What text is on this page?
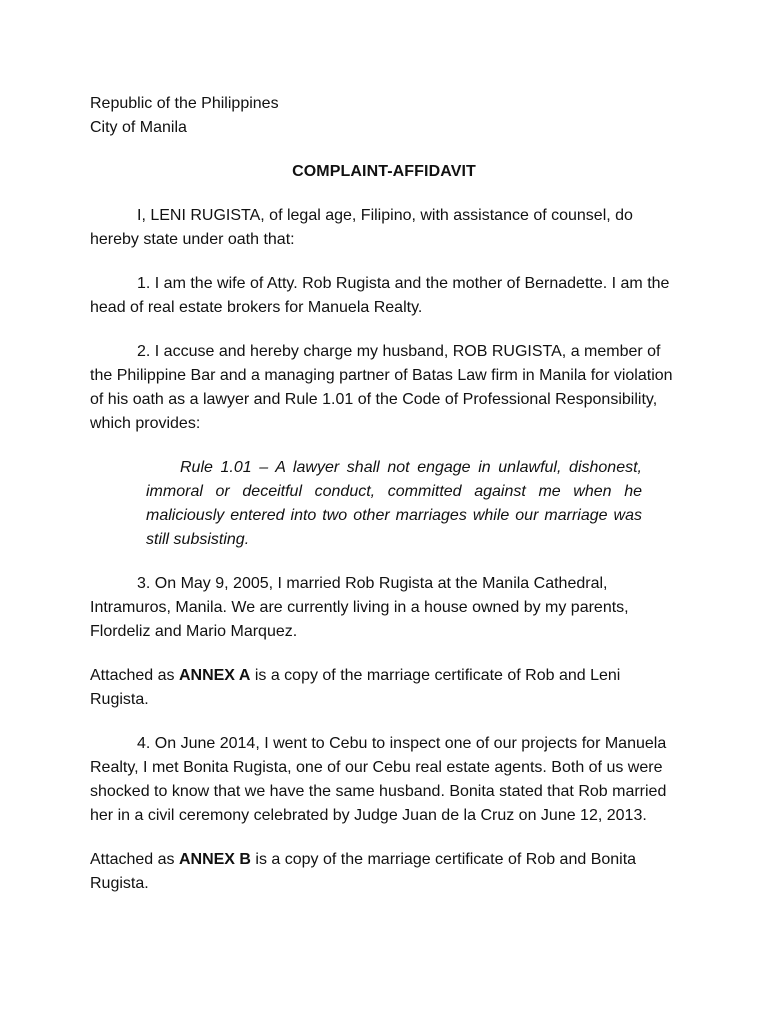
Republic of the Philippines

City of Manila

COMPLAINT-AFFIDAVIT

I, LENI RUGISTA, of legal age, Filipino, with assistance of counsel, do hereby state under oath that:

1. I am the wife of Atty. Rob Rugista and the mother of Bernadette. I am the head of real estate brokers for Manuela Realty.

2. I accuse and hereby charge my husband, ROB RUGISTA, a member of the Philippine Bar and a managing partner of Batas Law firm in Manila for violation of his oath as a lawyer and Rule 1.01 of the Code of Professional Responsibility, which provides:

Rule 1.01 – A lawyer shall not engage in unlawful, dishonest, immoral or deceitful conduct, committed against me when he maliciously entered into two other marriages while our marriage was still subsisting.

3. On May 9, 2005, I married Rob Rugista at the Manila Cathedral, Intramuros, Manila. We are currently living in a house owned by my parents, Flordeliz and Mario Marquez.

Attached as ANNEX A is a copy of the marriage certificate of Rob and Leni Rugista.

4. On June 2014, I went to Cebu to inspect one of our projects for Manuela Realty, I met Bonita Rugista, one of our Cebu real estate agents. Both of us were shocked to know that we have the same husband. Bonita stated that Rob married her in a civil ceremony celebrated by Judge Juan de la Cruz on June 12, 2013.

Attached as ANNEX B is a copy of the marriage certificate of Rob and Bonita Rugista.
